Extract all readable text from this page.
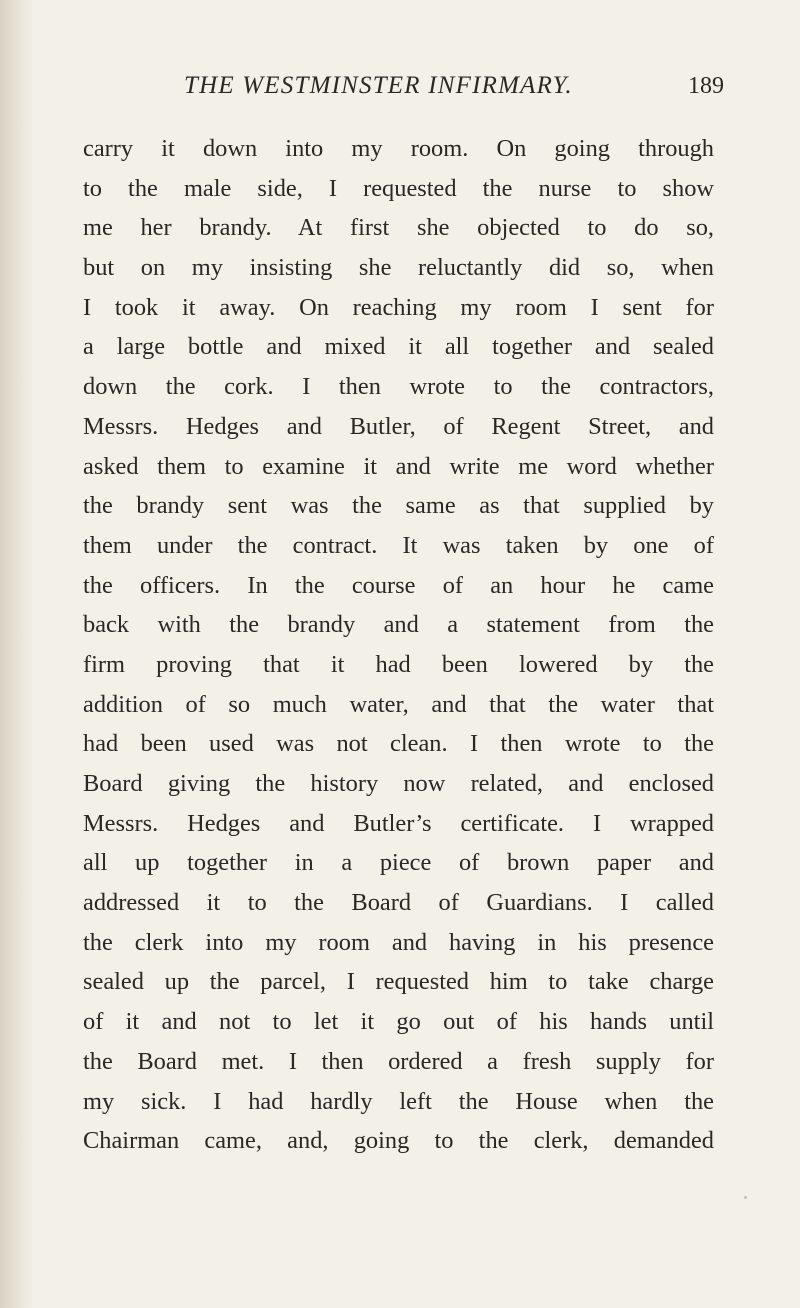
THE WESTMINSTER INFIRMARY.	189
carry it down into my room. On going through
to the male side, I requested the nurse to show
me her brandy. At first she objected to do so,
but on my insisting she reluctantly did so, when
I took it away. On reaching my room I sent for
a large bottle and mixed it all together and sealed
down the cork. I then wrote to the contractors,
Messrs. Hedges and Butler, of Regent Street, and
asked them to examine it and write me word whether
the brandy sent was the same as that supplied by
them under the contract. It was taken by one of
the officers. In the course of an hour he came
back with the brandy and a statement from the
firm proving that it had been lowered by the
addition of so much water, and that the water that
had been used was not clean. I then wrote to the
Board giving the history now related, and enclosed
Messrs. Hedges and Butler’s certificate. I wrapped
all up together in a piece of brown paper and
addressed it to the Board of Guardians. I called
the clerk into my room and having in his presence
sealed up the parcel, I requested him to take charge
of it and not to let it go out of his hands until
the Board met. I then ordered a fresh supply for
my sick. I had hardly left the House when the
Chairman came, and, going to the clerk, demanded
